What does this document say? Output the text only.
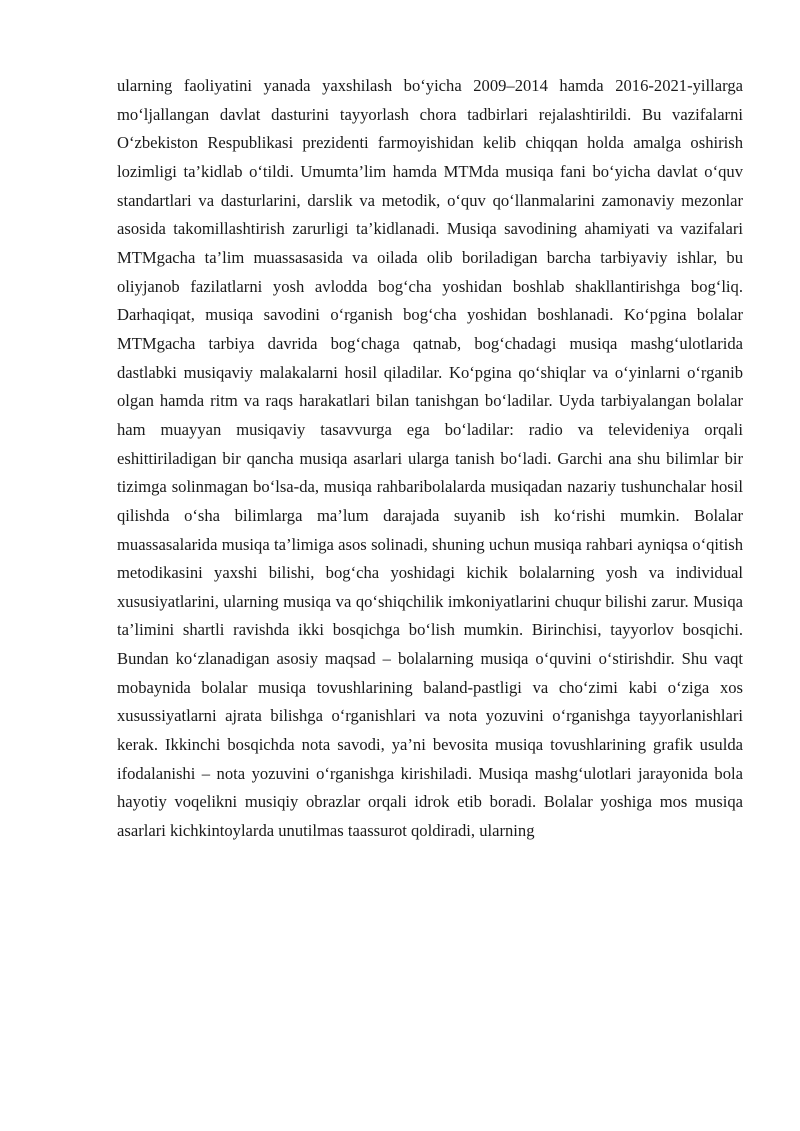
ularning faoliyatini yanada yaxshilash bo‘yicha 2009–2014 hamda 2016-2021-yillarga mo‘ljallangan davlat dasturini tayyorlash chora tadbirlari rejalashtirildi. Bu vazifalarni O‘zbekiston Respublikasi prezidenti farmoyishidan kelib chiqqan holda amalga oshirish lozimligi ta’kidlab o‘tildi. Umumta’lim hamda MTMda musiqa fani bo‘yicha davlat o‘quv standartlari va dasturlarini, darslik va metodik, o‘quv qo‘llanmalarini zamonaviy mezonlar asosida takomillashtirish zarurligi ta’kidlanadi. Musiqa savodining ahamiyati va vazifalari MTMgacha ta’lim muassasasida va oilada olib boriladigan barcha tarbiyaviy ishlar, bu oliyjanob fazilatlarni yosh avlodda bog‘cha yoshidan boshlab shakllantirishga bog‘liq. Darhaqiqat, musiqa savodini o‘rganish bog‘cha yoshidan boshlanadi. Ko‘pgina bolalar MTMgacha tarbiya davrida bog‘chaga qatnab, bog‘chadagi musiqa mashg‘ulotlarida dastlabki musiqaviy malakalarni hosil qiladilar. Ko‘pgina qo‘shiqlar va o‘yinlarni o‘rganib olgan hamda ritm va raqs harakatlari bilan tanishgan bo‘ladilar. Uyda tarbiyalangan bolalar ham muayyan musiqaviy tasavvurga ega bo‘ladilar: radio va televideniya orqali eshittiriladigan bir qancha musiqa asarlari ularga tanish bo‘ladi. Garchi ana shu bilimlar bir tizimga solinmagan bo‘lsa-da, musiqa rahbaribolalarda musiqadan nazariy tushunchalar hosil qilishda o‘sha bilimlarga ma’lum darajada suyanib ish ko‘rishi mumkin. Bolalar muassasalarida musiqa ta’limiga asos solinadi, shuning uchun musiqa rahbari ayniqsa o‘qitish metodikasini yaxshi bilishi, bog‘cha yoshidagi kichik bolalarning yosh va individual xususiyatlarini, ularning musiqa va qo‘shiqchilik imkoniyatlarini chuqur bilishi zarur. Musiqa ta’limini shartli ravishda ikki bosqichga bo‘lish mumkin. Birinchisi, tayyorlov bosqichi. Bundan ko‘zlanadigan asosiy maqsad – bolalarning musiqa o‘quvini o‘stirishdir. Shu vaqt mobaynida bolalar musiqa tovushlarining baland-pastligi va cho‘zimi kabi o‘ziga xos xusussiyatlarni ajrata bilishga o‘rganishlari va nota yozuvini o‘rganishga tayyorlanishlari kerak. Ikkinchi bosqichda nota savodi, ya’ni bevosita musiqa tovushlarining grafik usulda ifodalanishi – nota yozuvini o‘rganishga kirishiladi. Musiqa mashg‘ulotlari jarayonida bola hayotiy voqelikni musiqiy obrazlar orqali idrok etib boradi. Bolalar yoshiga mos musiqa asarlari kichkintoylarda unutilmas taassurot qoldiradi, ularning
